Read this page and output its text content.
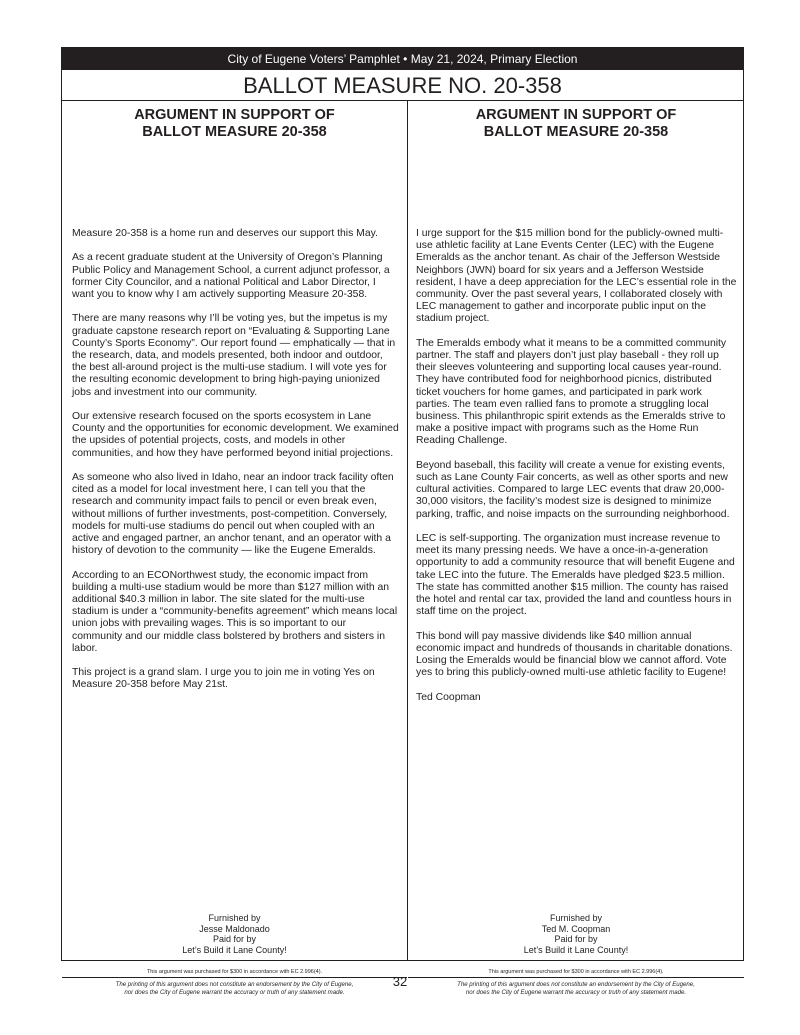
City of Eugene Voters’ Pamphlet • May 21, 2024, Primary Election
BALLOT MEASURE NO. 20-358
ARGUMENT IN SUPPORT OF
BALLOT MEASURE 20-358

Measure 20-358 is a home run and deserves our support this May.

As a recent graduate student at the University of Oregon’s Planning Public Policy and Management School, a current adjunct professor, a former City Councilor, and a national Political and Labor Director, I want you to know why I am actively supporting Measure 20-358.

There are many reasons why I’ll be voting yes, but the impetus is my graduate capstone research report on “Evaluating & Supporting Lane County’s Sports Economy”. Our report found — emphatically — that in the research, data, and models presented, both indoor and outdoor, the best all-around project is the multi-use stadium. I will vote yes for the resulting economic development to bring high-paying unionized jobs and investment into our community.

Our extensive research focused on the sports ecosystem in Lane County and the opportunities for economic development. We examined the upsides of potential projects, costs, and models in other communities, and how they have performed beyond initial projections.

As someone who also lived in Idaho, near an indoor track facility often cited as a model for local investment here, I can tell you that the research and community impact fails to pencil or even break even, without millions of further investments, post-competition. Conversely, models for multi-use stadiums do pencil out when coupled with an active and engaged partner, an anchor tenant, and an operator with a history of devotion to the community — like the Eugene Emeralds.

According to an ECONorthwest study, the economic impact from building a multi-use stadium would be more than $127 million with an additional $40.3 million in labor. The site slated for the multi-use stadium is under a “community-benefits agreement” which means local union jobs with prevailing wages. This is so important to our community and our middle class bolstered by brothers and sisters in labor.

This project is a grand slam. I urge you to join me in voting Yes on Measure 20-358 before May 21st.

Furnished by
Jesse Maldonado
Paid for by
Let’s Build it Lane County!
This argument was purchased for $300 in accordance with EC 2.996(4).
The printing of this argument does not constitute an endorsement by the City of Eugene,
nor does the City of Eugene warrant the accuracy or truth of any statement made.
ARGUMENT IN SUPPORT OF
BALLOT MEASURE 20-358

I urge support for the $15 million bond for the publicly-owned multi-use athletic facility at Lane Events Center (LEC) with the Eugene Emeralds as the anchor tenant. As chair of the Jefferson Westside Neighbors (JWN) board for six years and a Jefferson Westside resident, I have a deep appreciation for the LEC’s essential role in the community. Over the past several years, I collaborated closely with LEC management to gather and incorporate public input on the stadium project.

The Emeralds embody what it means to be a committed community partner. The staff and players don’t just play baseball - they roll up their sleeves volunteering and supporting local causes year-round. They have contributed food for neighborhood picnics, distributed ticket vouchers for home games, and participated in park work parties. The team even rallied fans to promote a struggling local business. This philanthropic spirit extends as the Emeralds strive to make a positive impact with programs such as the Home Run Reading Challenge.

Beyond baseball, this facility will create a venue for existing events, such as Lane County Fair concerts, as well as other sports and new cultural activities. Compared to large LEC events that draw 20,000-30,000 visitors, the facility’s modest size is designed to minimize parking, traffic, and noise impacts on the surrounding neighborhood.

LEC is self-supporting. The organization must increase revenue to meet its many pressing needs. We have a once-in-a-generation opportunity to add a community resource that will benefit Eugene and take LEC into the future. The Emeralds have pledged $23.5 million. The state has committed another $15 million. The county has raised the hotel and rental car tax, provided the land and countless hours in staff time on the project.

This bond will pay massive dividends like $40 million annual economic impact and hundreds of thousands in charitable donations. Losing the Emeralds would be financial blow we cannot afford. Vote yes to bring this publicly-owned multi-use athletic facility to Eugene!

Ted Coopman

Furnished by
Ted M. Coopman
Paid for by
Let’s Build it Lane County!
This argument was purchased for $300 in accordance with EC 2.996(4).
The printing of this argument does not constitute an endorsement by the City of Eugene,
nor does the City of Eugene warrant the accuracy or truth of any statement made.
32
